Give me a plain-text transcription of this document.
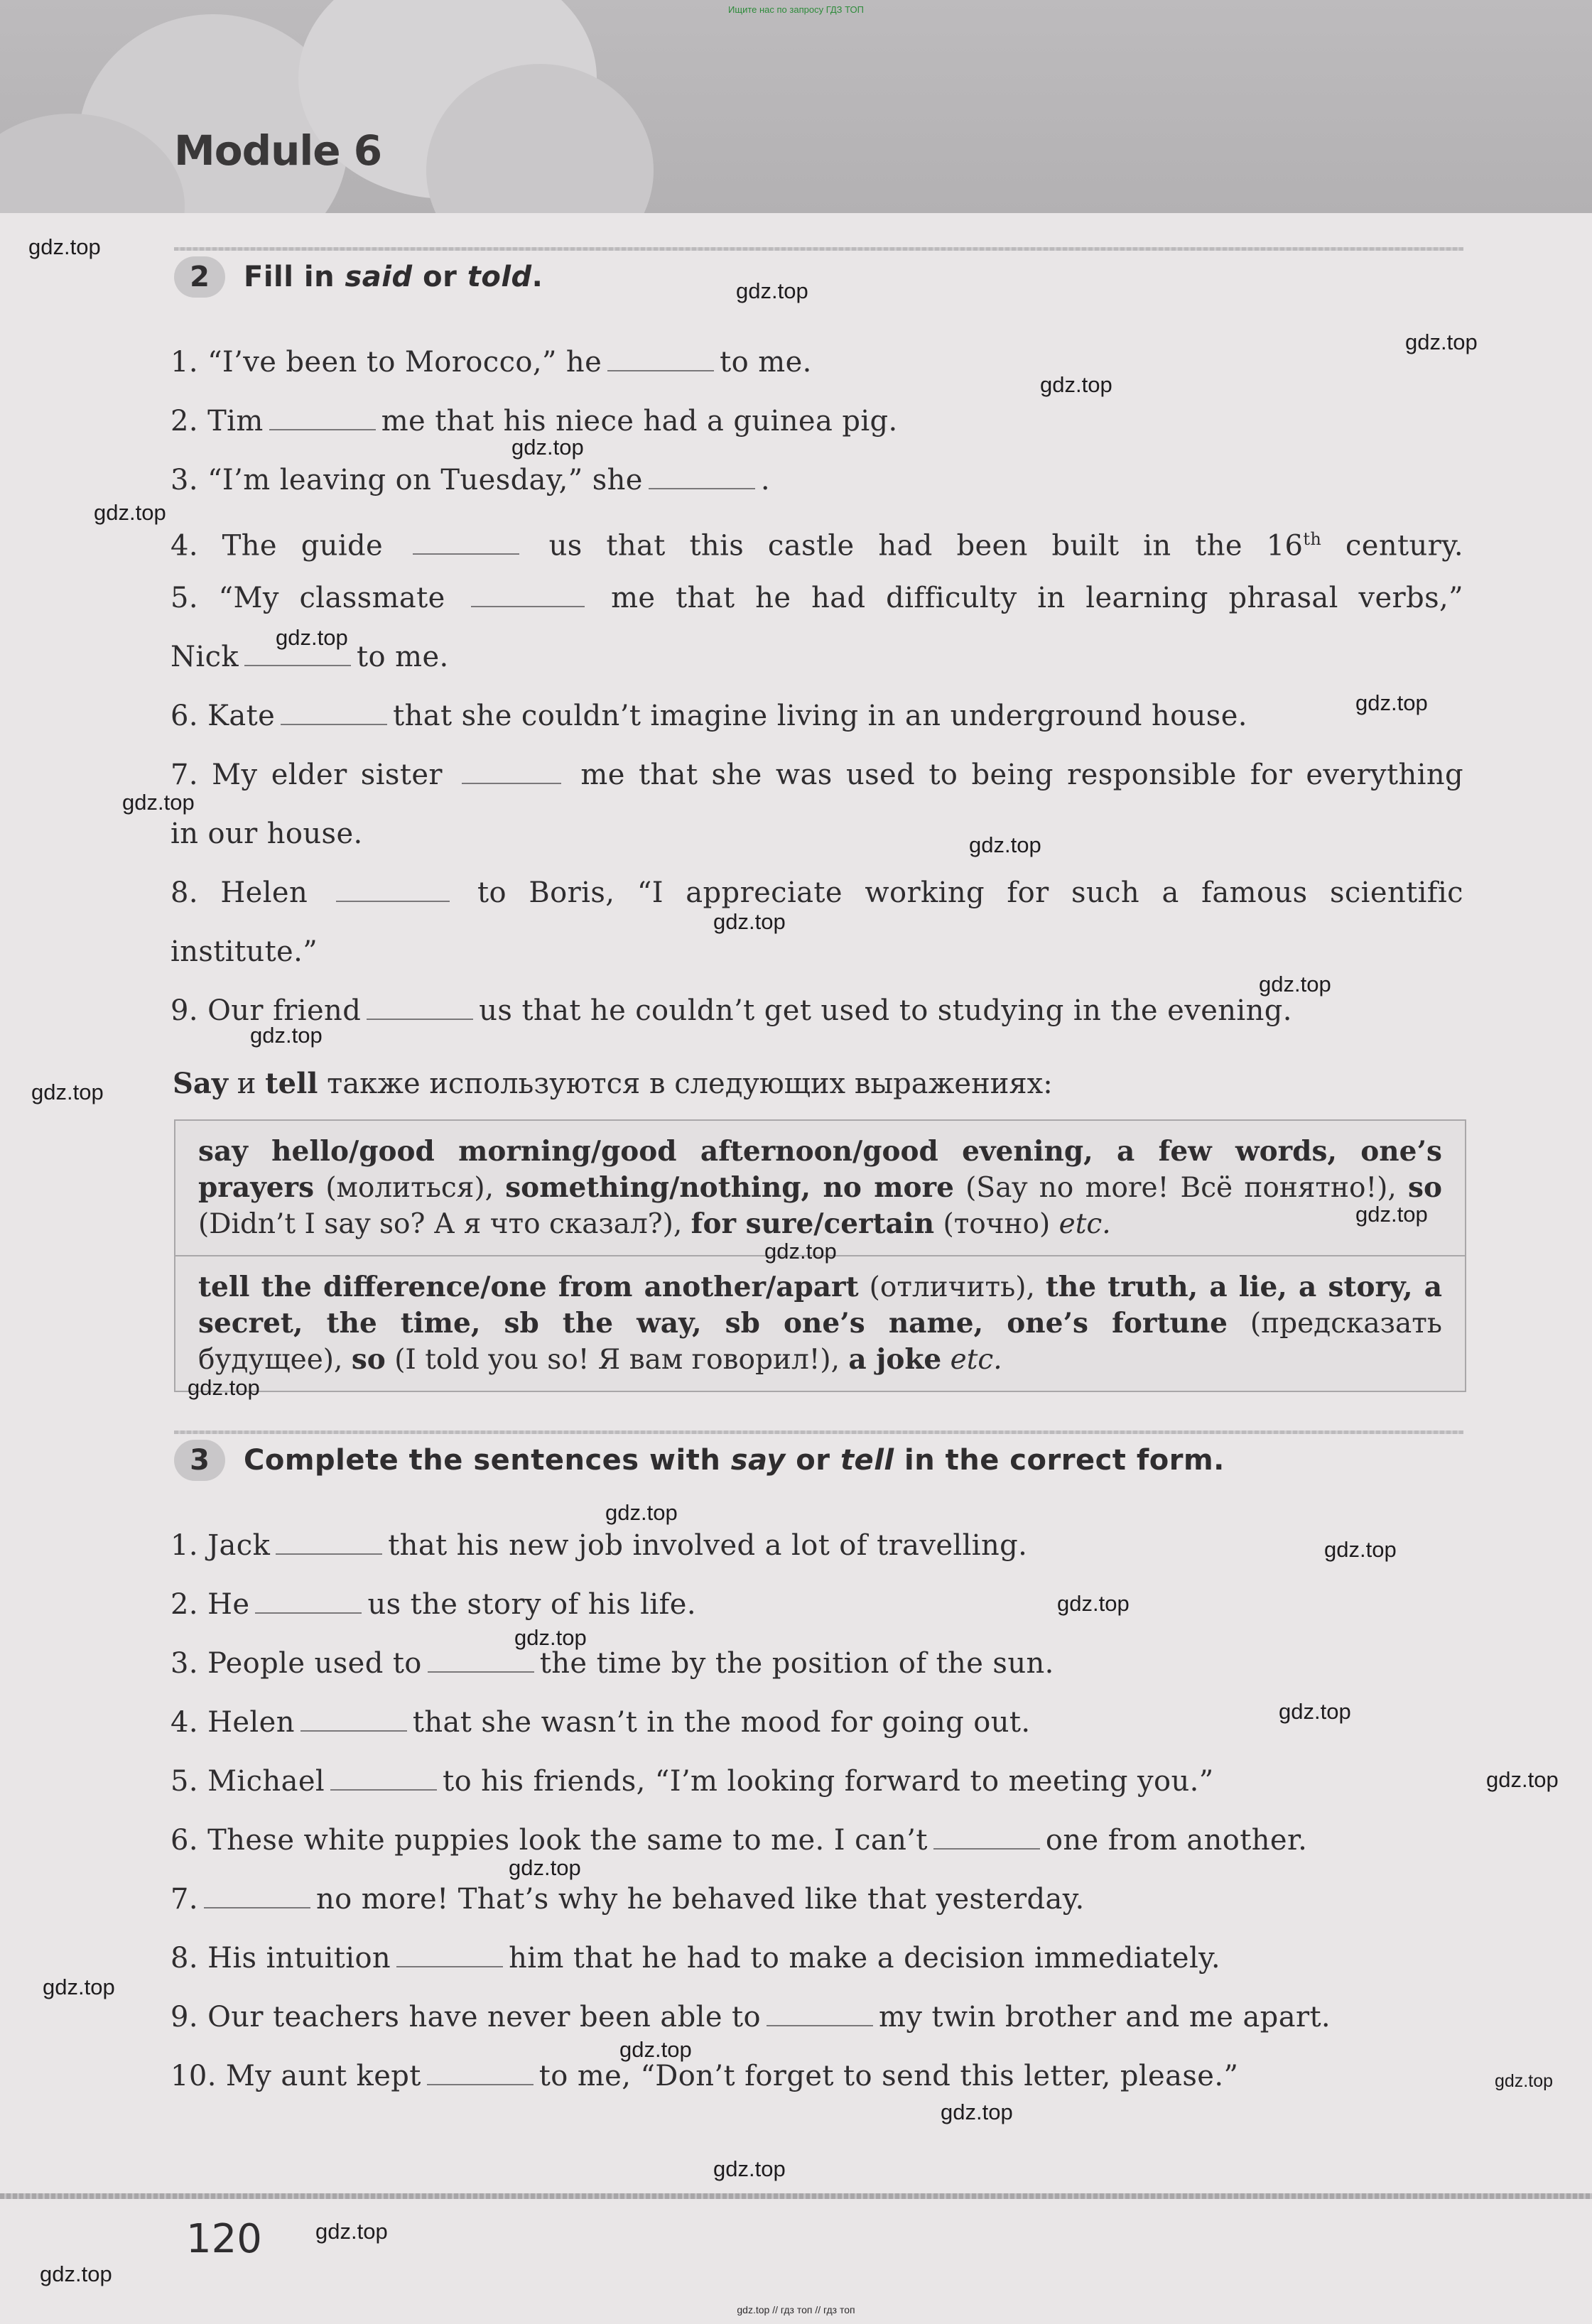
Ищите нас по запросу ГДЗ ТОП
Module 6
2	Fill in said or told.
1. “I’ve been to Morocco,” he	to me.
2. Tim	me that his niece had a guinea pig.
3. “I’m leaving on Tuesday,” she	.
4. The guide	us that this castle had been built in the 16th century.
5. “My classmate	me that he had difficulty in learning phrasal verbs,”
Nick	to me.
6. Kate	that she couldn’t imagine living in an underground house.
7. My elder sister	me that she was used to being responsible for everything
in our house.
8. Helen	to Boris, “I appreciate working for such a famous scientific
institute.”
9. Our friend	us that he couldn’t get used to studying in the evening.
Say и tell также используются в следующих выражениях:
say hello/good morning/good afternoon/good evening, a few words, one’s prayers (молиться), something/nothing, no more (Say no more! Всё понятно!), so (Didn’t I say so? А я что сказал?), for sure/certain (точно) etc.
tell the difference/one from another/apart (отличить), the truth, a lie, a story, a secret, the time, sb the way, sb one’s name, one’s fortune (предсказать будущее), so (I told you so! Я вам говорил!), a joke etc.
3	Complete the sentences with say or tell in the correct form.
1. Jack	that his new job involved a lot of travelling.
2. He	us the story of his life.
3. People used to	the time by the position of the sun.
4. Helen	that she wasn’t in the mood for going out.
5. Michael	to his friends, “I’m looking forward to meeting you.”
6. These white puppies look the same to me. I can’t	one from another.
7.	no more! That’s why he behaved like that yesterday.
8. His intuition	him that he had to make a decision immediately.
9. Our teachers have never been able to	my twin brother and me apart.
10. My aunt kept	to me, “Don’t forget to send this letter, please.”
gdz.top
gdz.top
gdz.top
gdz.top
gdz.top
gdz.top
gdz.top
gdz.top
gdz.top
gdz.top
gdz.top
gdz.top
gdz.top
gdz.top
gdz.top
gdz.top
gdz.top
gdz.top
gdz.top
gdz.top
gdz.top
gdz.top
gdz.top
gdz.top
gdz.top
gdz.top
gdz.top
gdz.top
gdz.top
gdz.top
gdz.top
120
gdz.top // гдз топ // гдз топ
